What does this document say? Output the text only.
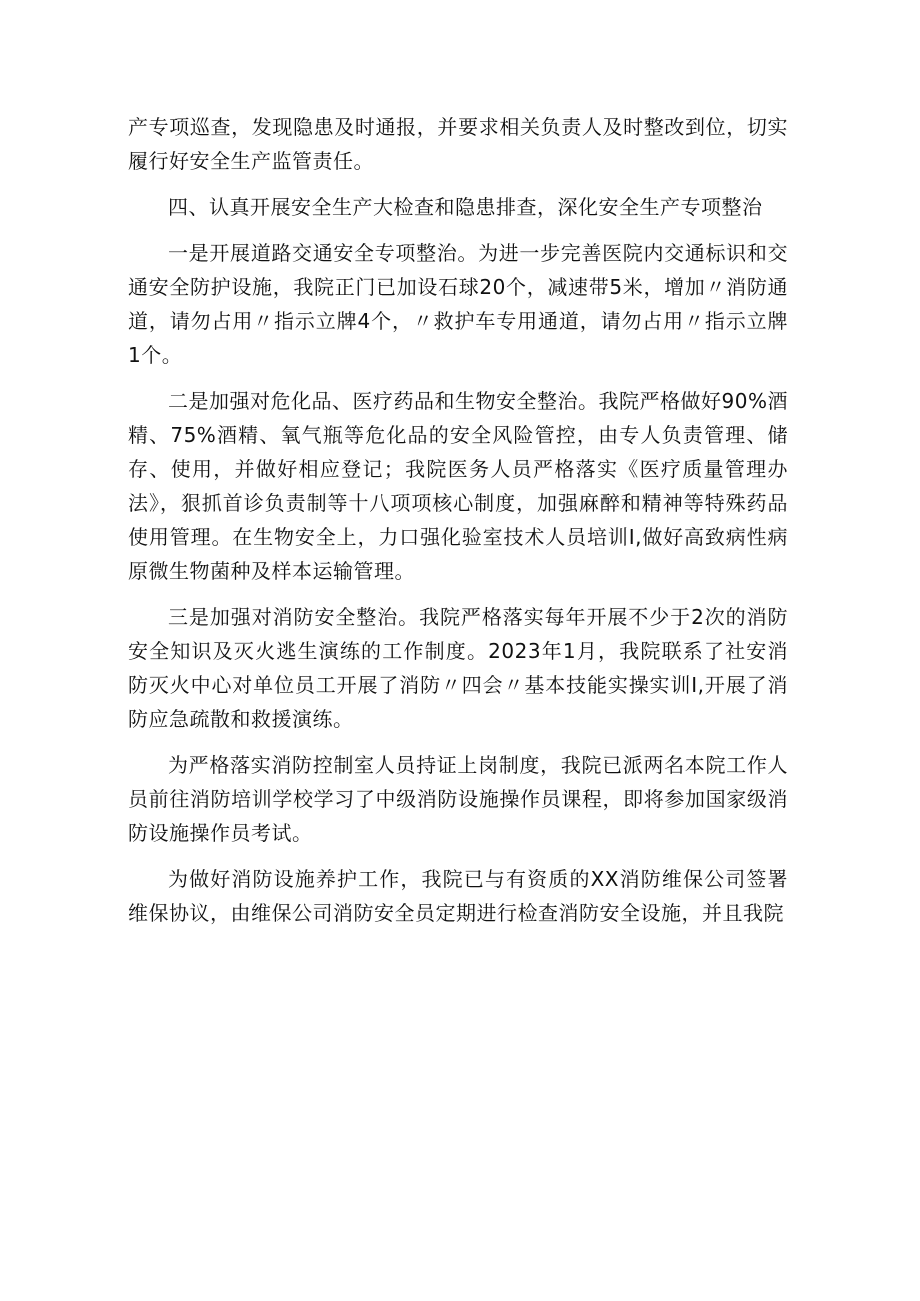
产专项巡查，发现隐患及时通报，并要求相关负责人及时整改到位，切实履行好安全生产监管责任。

四、认真开展安全生产大检查和隐患排查，深化安全生产专项整治

一是开展道路交通安全专项整治。为进一步完善医院内交通标识和交通安全防护设施，我院正门已加设石球20个，减速带5米，增加〃消防通道，请勿占用〃指示立牌4个，〃救护车专用通道，请勿占用〃指示立牌1个。

二是加强对危化品、医疗药品和生物安全整治。我院严格做好90%酒精、75%酒精、氧气瓶等危化品的安全风险管控，由专人负责管理、储存、使用，并做好相应登记；我院医务人员严格落实《医疗质量管理办法》，狠抓首诊负责制等十八项项核心制度，加强麻醉和精神等特殊药品使用管理。在生物安全上，力口强化验室技术人员培训I,做好高致病性病原微生物菌种及样本运输管理。

三是加强对消防安全整治。我院严格落实每年开展不少于2次的消防安全知识及灭火逃生演练的工作制度。2023年1月，我院联系了社安消防灭火中心对单位员工开展了消防〃四会〃基本技能实操实训I,开展了消防应急疏散和救援演练。

为严格落实消防控制室人员持证上岗制度，我院已派两名本院工作人员前往消防培训学校学习了中级消防设施操作员课程，即将参加国家级消防设施操作员考试。

为做好消防设施养护工作，我院已与有资质的XX消防维保公司签署维保协议，由维保公司消防安全员定期进行检查消防安全设施，并且我院
